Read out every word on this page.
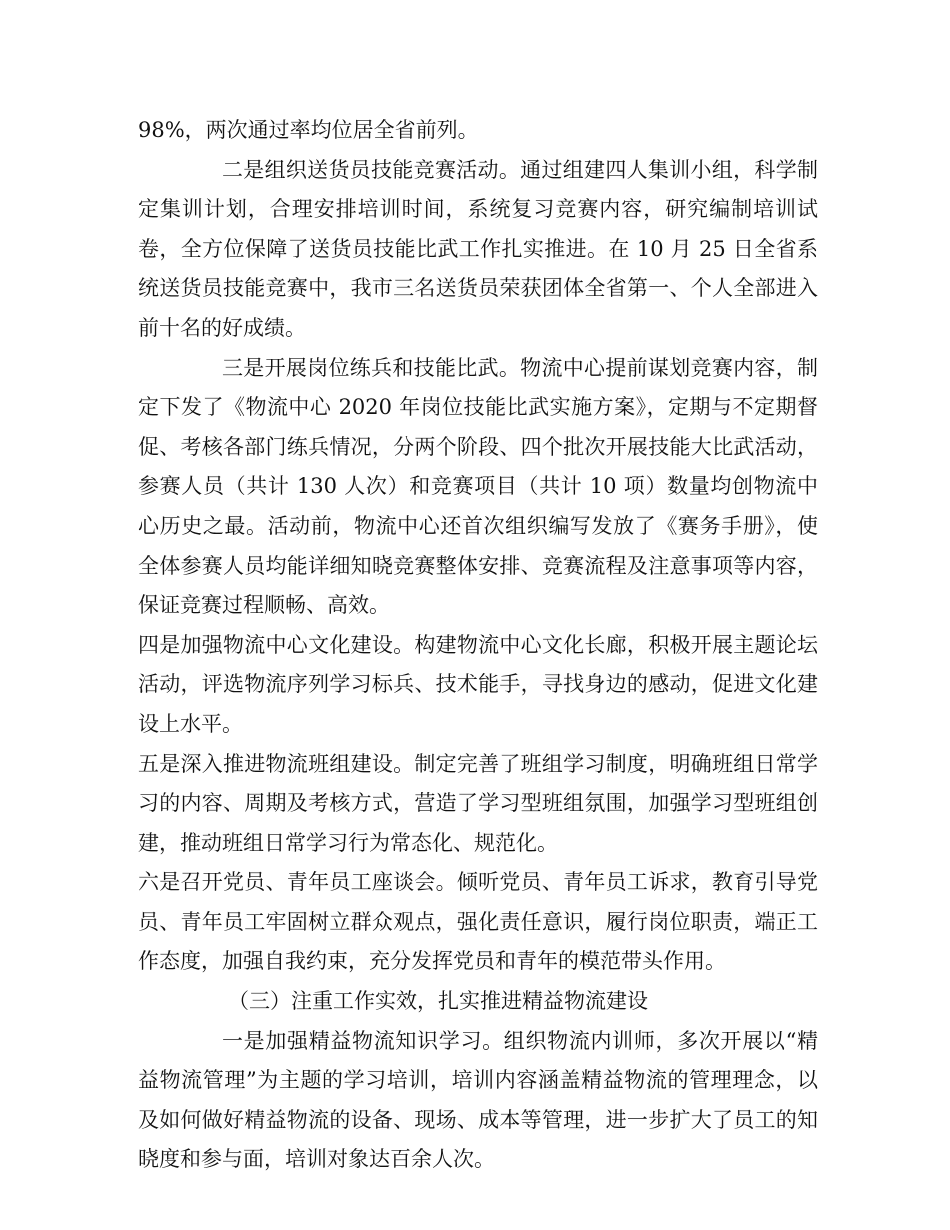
98%，两次通过率均位居全省前列。

二是组织送货员技能竞赛活动。通过组建四人集训小组，科学制定集训计划，合理安排培训时间，系统复习竞赛内容，研究编制培训试卷，全方位保障了送货员技能比武工作扎实推进。在 10 月 25 日全省系统送货员技能竞赛中，我市三名送货员荣获团体全省第一、个人全部进入前十名的好成绩。

三是开展岗位练兵和技能比武。物流中心提前谋划竞赛内容，制定下发了《物流中心 2020 年岗位技能比武实施方案》，定期与不定期督促、考核各部门练兵情况，分两个阶段、四个批次开展技能大比武活动，参赛人员（共计 130 人次）和竞赛项目（共计 10 项）数量均创物流中心历史之最。活动前，物流中心还首次组织编写发放了《赛务手册》，使全体参赛人员均能详细知晓竞赛整体安排、竞赛流程及注意事项等内容，保证竞赛过程顺畅、高效。

四是加强物流中心文化建设。构建物流中心文化长廊，积极开展主题论坛活动，评选物流序列学习标兵、技术能手，寻找身边的感动，促进文化建设上水平。

五是深入推进物流班组建设。制定完善了班组学习制度，明确班组日常学习的内容、周期及考核方式，营造了学习型班组氛围，加强学习型班组创建，推动班组日常学习行为常态化、规范化。

六是召开党员、青年员工座谈会。倾听党员、青年员工诉求，教育引导党员、青年员工牢固树立群众观点，强化责任意识，履行岗位职责，端正工作态度，加强自我约束，充分发挥党员和青年的模范带头作用。

（三）注重工作实效，扎实推进精益物流建设

一是加强精益物流知识学习。组织物流内训师，多次开展以“精益物流管理”为主题的学习培训，培训内容涵盖精益物流的管理理念，以及如何做好精益物流的设备、现场、成本等管理，进一步扩大了员工的知晓度和参与面，培训对象达百余人次。
